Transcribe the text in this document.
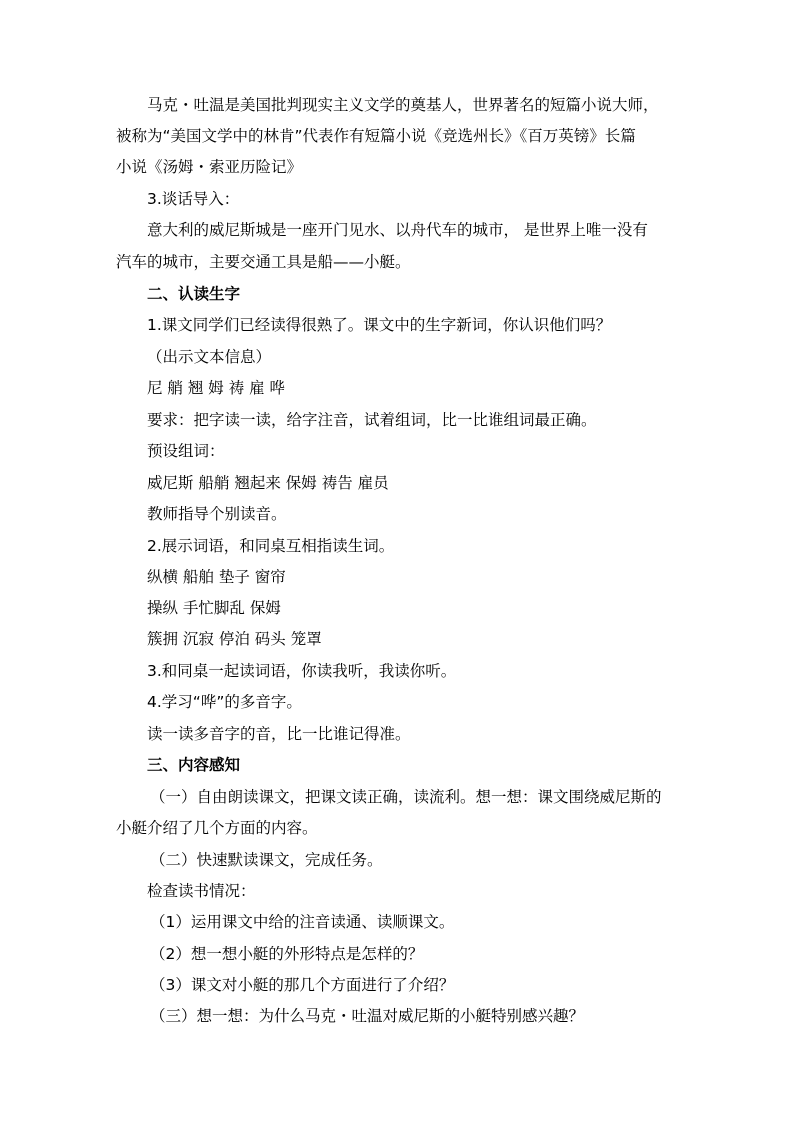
马克・吐温是美国批判现实主义文学的奠基人，世界著名的短篇小说大师，
被称为“美国文学中的林肯”代表作有短篇小说《竞选州长》《百万英镑》长篇
小说《汤姆・索亚历险记》
3.谈话导入：
意大利的威尼斯城是一座开门见水、以舟代车的城市， 是世界上唯一没有
汽车的城市，主要交通工具是船——小艇。
二、认读生字
1.课文同学们已经读得很熟了。课文中的生字新词，你认识他们吗？
（出示文本信息）
尼 艄 翘 姆 祷 雇 哗
要求：把字读一读，给字注音，试着组词，比一比谁组词最正确。
预设组词：
威尼斯 船艄 翘起来 保姆 祷告 雇员
教师指导个别读音。
2.展示词语，和同桌互相指读生词。
纵横 船舶 垫子 窗帘
操纵 手忙脚乱 保姆
簇拥 沉寂 停泊 码头 笼罩
3.和同桌一起读词语，你读我听，我读你听。
4.学习“哗”的多音字。
读一读多音字的音，比一比谁记得准。
三、内容感知
（一）自由朗读课文，把课文读正确，读流利。想一想：课文围绕威尼斯的
小艇介绍了几个方面的内容。
（二）快速默读课文，完成任务。
检查读书情况：
（1）运用课文中给的注音读通、读顺课文。
（2）想一想小艇的外形特点是怎样的？
（3）课文对小艇的那几个方面进行了介绍？
（三）想一想：为什么马克・吐温对威尼斯的小艇特别感兴趣？
